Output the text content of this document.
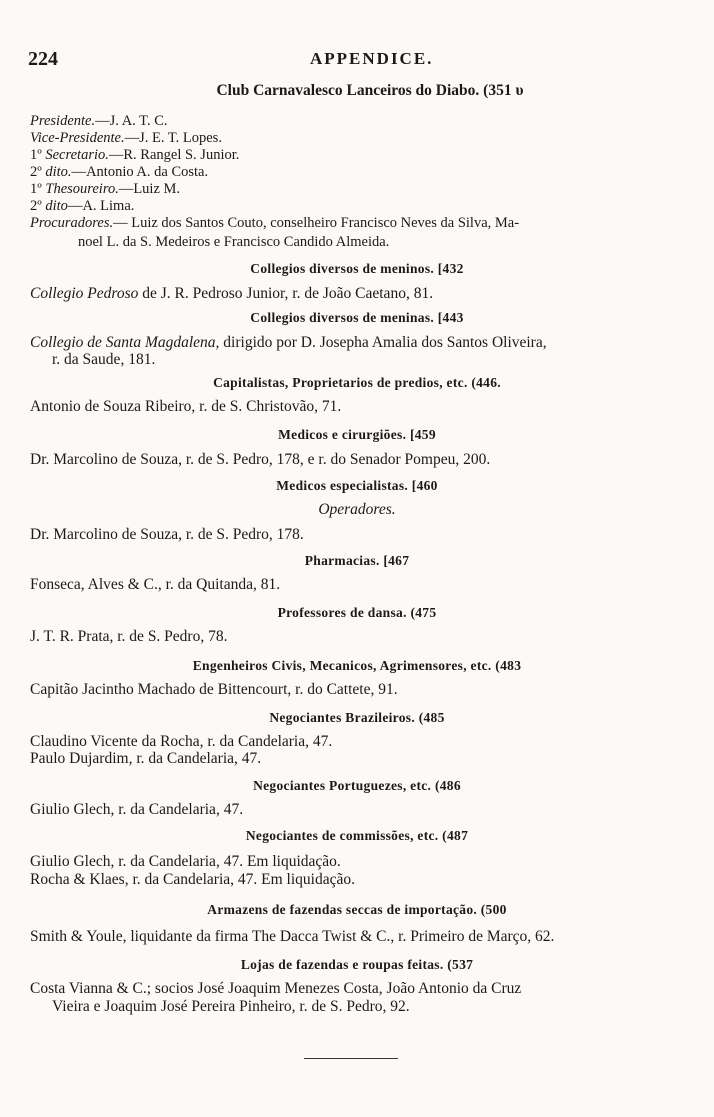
224	APPENDICE.
Club Carnavalesco Lanceiros do Diabo. (351 υ
Presidente.—J. A. T. C.
Vice-Presidente.—J. E. T. Lopes.
1º Secretario.—R. Rangel S. Junior.
2º dito.—Antonio A. da Costa.
1º Thesoureiro.—Luiz M.
2º dito—A. Lima.
Procuradores.— Luiz dos Santos Couto, conselheiro Francisco Neves da Silva, Ma-
noel L. da S. Medeiros e Francisco Candido Almeida.
Collegios diversos de meninos. [432
Collegio Pedroso de J. R. Pedroso Junior, r. de João Caetano, 81.
Collegios diversos de meninas. [443
Collegio de Santa Magdalena, dirigido por D. Josepha Amalia dos Santos Oliveira,
r. da Saude, 181.
Capitalistas, Proprietarios de predios, etc. (446.
Antonio de Souza Ribeiro, r. de S. Christovão, 71.
Medicos e cirurgiões. [459
Dr. Marcolino de Souza, r. de S. Pedro, 178, e r. do Senador Pompeu, 200.
Medicos especialistas. [460
Operadores.
Dr. Marcolino de Souza, r. de S. Pedro, 178.
Pharmacias. [467
Fonseca, Alves & C., r. da Quitanda, 81.
Professores de dansa. (475
J. T. R. Prata, r. de S. Pedro, 78.
Engenheiros Civis, Mecanicos, Agrimensores, etc. (483
Capitão Jacintho Machado de Bittencourt, r. do Cattete, 91.
Negociantes Brazileiros. (485
Claudino Vicente da Rocha, r. da Candelaria, 47.
Paulo Dujardim, r. da Candelaria, 47.
Negociantes Portuguezes, etc. (486
Giulio Glech, r. da Candelaria, 47.
Negociantes de commissões, etc. (487
Giulio Glech, r. da Candelaria, 47. Em liquidação.
Rocha & Klaes, r. da Candelaria, 47. Em liquidação.
Armazens de fazendas seccas de importação. (500
Smith & Youle, liquidante da firma The Dacca Twist & C., r. Primeiro de Março, 62.
Lojas de fazendas e roupas feitas. (537
Costa Vianna & C.; socios José Joaquim Menezes Costa, João Antonio da Cruz
Vieira e Joaquim José Pereira Pinheiro, r. de S. Pedro, 92.
